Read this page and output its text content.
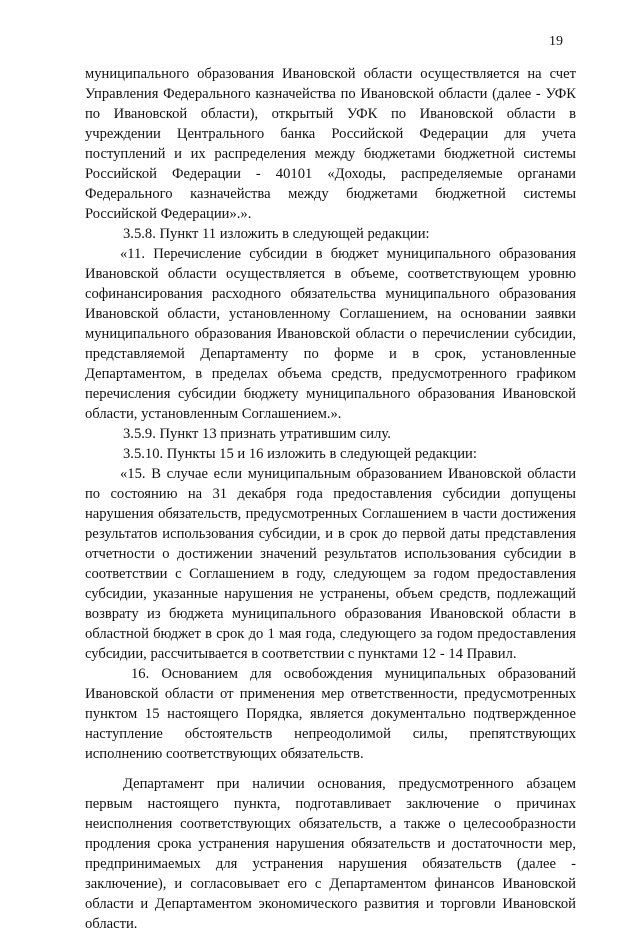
19

муниципального образования Ивановской области осуществляется на счет Управления Федерального казначейства по Ивановской области (далее - УФК по Ивановской области), открытый УФК по Ивановской области в учреждении Центрального банка Российской Федерации для учета поступлений и их распределения между бюджетами бюджетной системы Российской Федерации - 40101 «Доходы, распределяемые органами Федерального казначейства между бюджетами бюджетной системы Российской Федерации».».

3.5.8. Пункт 11 изложить в следующей редакции:

«11. Перечисление субсидии в бюджет муниципального образования Ивановской области осуществляется в объеме, соответствующем уровню софинансирования расходного обязательства муниципального образования Ивановской области, установленному Соглашением, на основании заявки муниципального образования Ивановской области о перечислении субсидии, представляемой Департаменту по форме и в срок, установленные Департаментом, в пределах объема средств, предусмотренного графиком перечисления субсидии бюджету муниципального образования Ивановской области, установленным Соглашением.».

3.5.9. Пункт 13 признать утратившим силу.

3.5.10. Пункты 15 и 16 изложить в следующей редакции:

«15. В случае если муниципальным образованием Ивановской области по состоянию на 31 декабря года предоставления субсидии допущены нарушения обязательств, предусмотренных Соглашением в части достижения результатов использования субсидии, и в срок до первой даты представления отчетности о достижении значений результатов использования субсидии в соответствии с Соглашением в году, следующем за годом предоставления субсидии, указанные нарушения не устранены, объем средств, подлежащий возврату из бюджета муниципального образования Ивановской области в областной бюджет в срок до 1 мая года, следующего за годом предоставления субсидии, рассчитывается в соответствии с пунктами 12 - 14 Правил.

16. Основанием для освобождения муниципальных образований Ивановской области от применения мер ответственности, предусмотренных пунктом 15 настоящего Порядка, является документально подтвержденное наступление обстоятельств непреодолимой силы, препятствующих исполнению соответствующих обязательств.

Департамент при наличии основания, предусмотренного абзацем первым настоящего пункта, подготавливает заключение о причинах неисполнения соответствующих обязательств, а также о целесообразности продления срока устранения нарушения обязательств и достаточности мер, предпринимаемых для устранения нарушения обязательств (далее - заключение), и согласовывает его с Департаментом финансов Ивановской области и Департаментом экономического развития и торговли Ивановской области.
